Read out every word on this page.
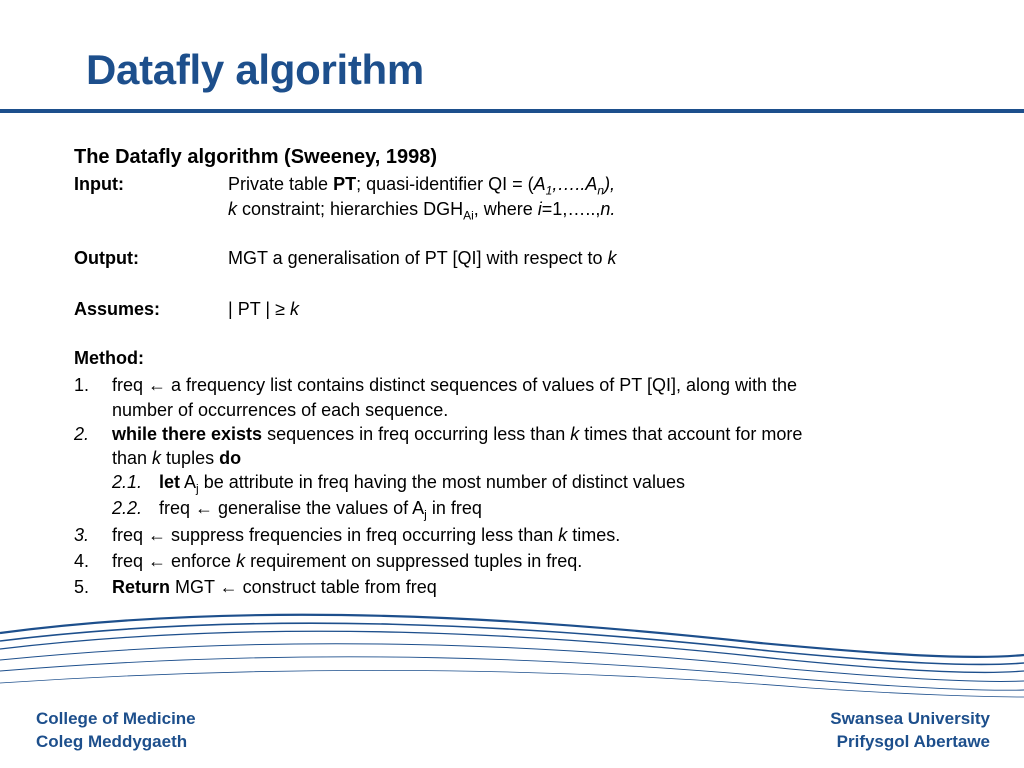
Datafly algorithm
The Datafly algorithm (Sweeney, 1998)
Input:	Private table PT; quasi-identifier QI = $(A_1,\dots..A_n)$,
k constraint; hierarchies $DGH_{Ai}$, where i=1,…..,n.
Output:	MGT a generalisation of PT [QI] with respect to k
Assumes:	| PT | ≥ k
Method:
1. freq ← a frequency list contains distinct sequences of values of PT [QI], along with the
number of occurrences of each sequence.
2. while there exists sequences in freq occurring less than k times that account for more
than k tuples do
2.1. let $A_j$ be attribute in freq having the most number of distinct values
2.2. freq ← generalise the values of $A_j$ in freq
3. freq ← suppress frequencies in freq occurring less than k times.
4. freq ← enforce k requirement on suppressed tuples in freq.
5. Return MGT ← construct table from freq
College of Medicine
Coleg Meddygaeth
Swansea University
Prifysgol Abertawe
